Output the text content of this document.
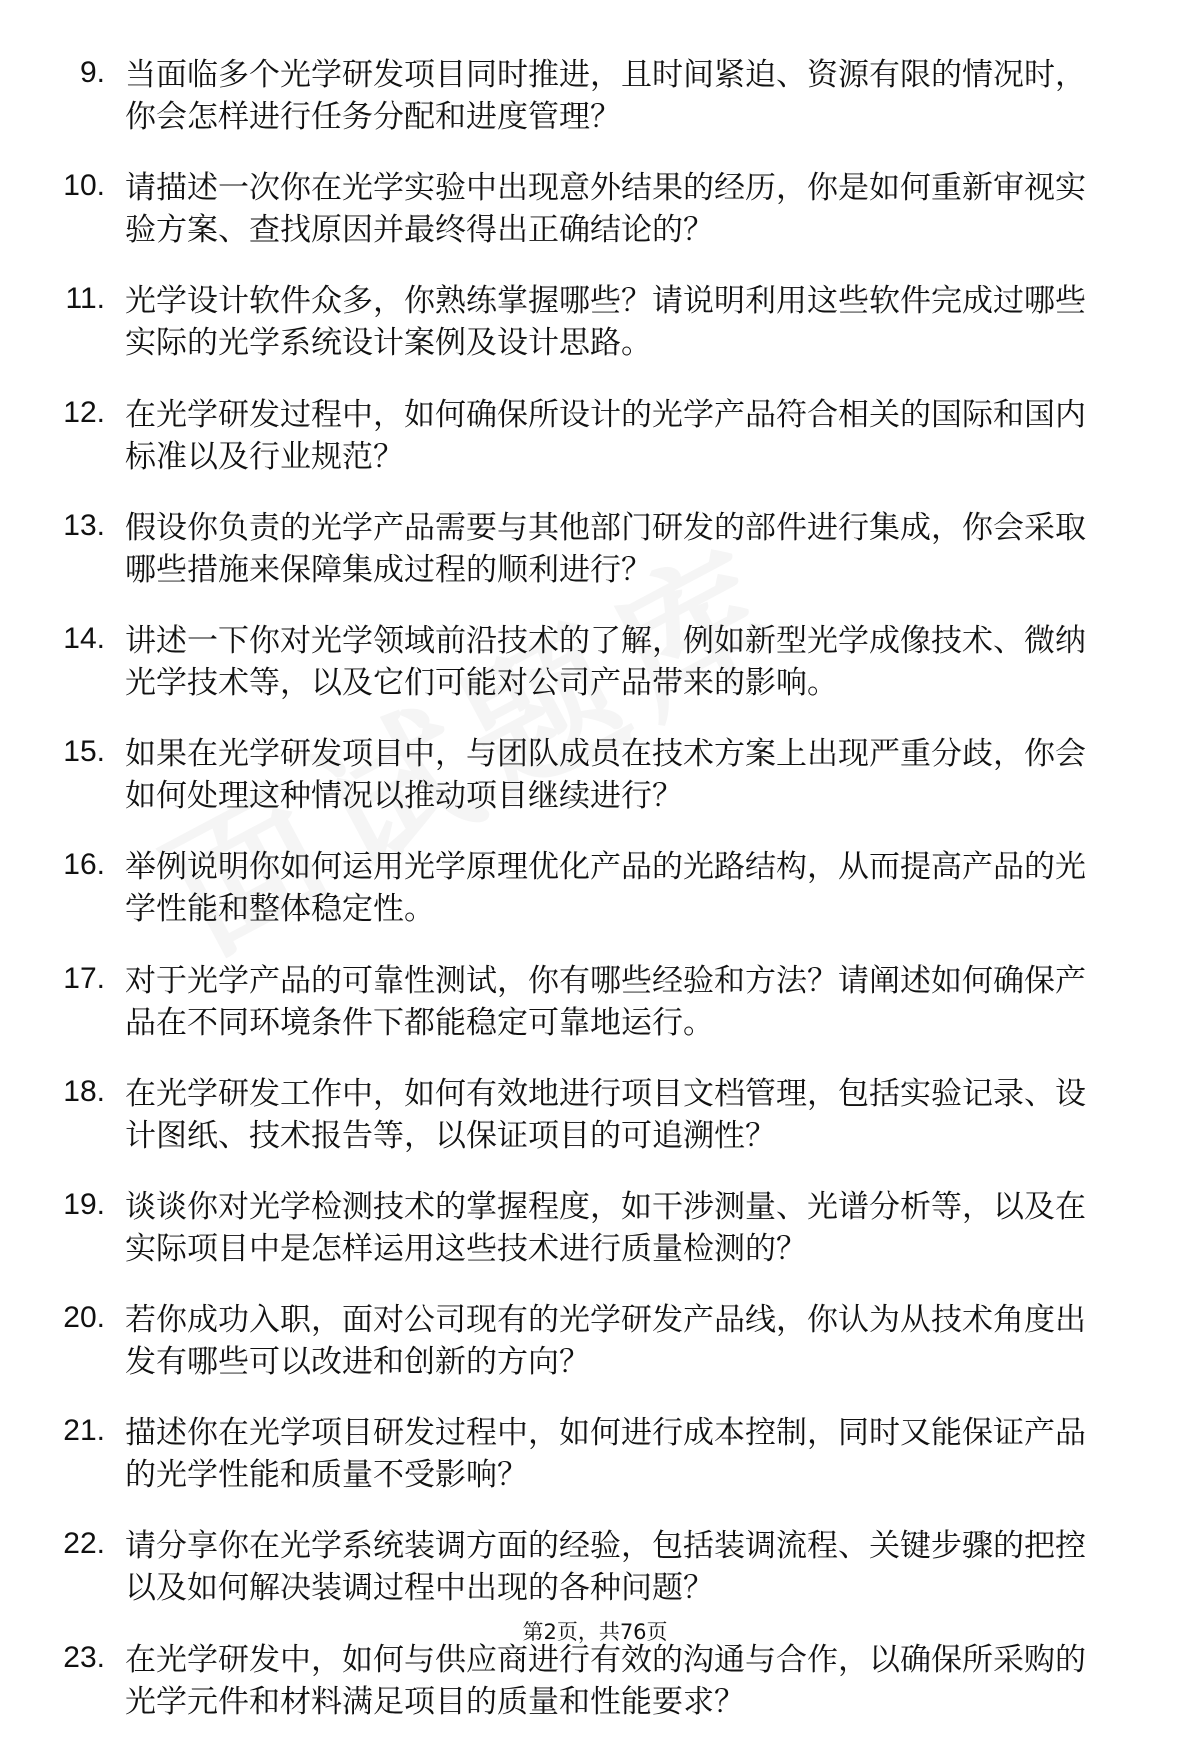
9. 当面临多个光学研发项目同时推进，且时间紧迫、资源有限的情况时，你会怎样进行任务分配和进度管理？
10. 请描述一次你在光学实验中出现意外结果的经历，你是如何重新审视实验方案、查找原因并最终得出正确结论的？
11. 光学设计软件众多，你熟练掌握哪些？请说明利用这些软件完成过哪些实际的光学系统设计案例及设计思路。
12. 在光学研发过程中，如何确保所设计的光学产品符合相关的国际和国内标准以及行业规范？
13. 假设你负责的光学产品需要与其他部门研发的部件进行集成，你会采取哪些措施来保障集成过程的顺利进行？
14. 讲述一下你对光学领域前沿技术的了解，例如新型光学成像技术、微纳光学技术等，以及它们可能对公司产品带来的影响。
15. 如果在光学研发项目中，与团队成员在技术方案上出现严重分歧，你会如何处理这种情况以推动项目继续进行？
16. 举例说明你如何运用光学原理优化产品的光路结构，从而提高产品的光学性能和整体稳定性。
17. 对于光学产品的可靠性测试，你有哪些经验和方法？请阐述如何确保产品在不同环境条件下都能稳定可靠地运行。
18. 在光学研发工作中，如何有效地进行项目文档管理，包括实验记录、设计图纸、技术报告等，以保证项目的可追溯性？
19. 谈谈你对光学检测技术的掌握程度，如干涉测量、光谱分析等，以及在实际项目中是怎样运用这些技术进行质量检测的？
20. 若你成功入职，面对公司现有的光学研发产品线，你认为从技术角度出发有哪些可以改进和创新的方向？
21. 描述你在光学项目研发过程中，如何进行成本控制，同时又能保证产品的光学性能和质量不受影响？
22. 请分享你在光学系统装调方面的经验，包括装调流程、关键步骤的把控以及如何解决装调过程中出现的各种问题？
23. 在光学研发中，如何与供应商进行有效的沟通与合作，以确保所采购的光学元件和材料满足项目的质量和性能要求？
第2页，共76页
